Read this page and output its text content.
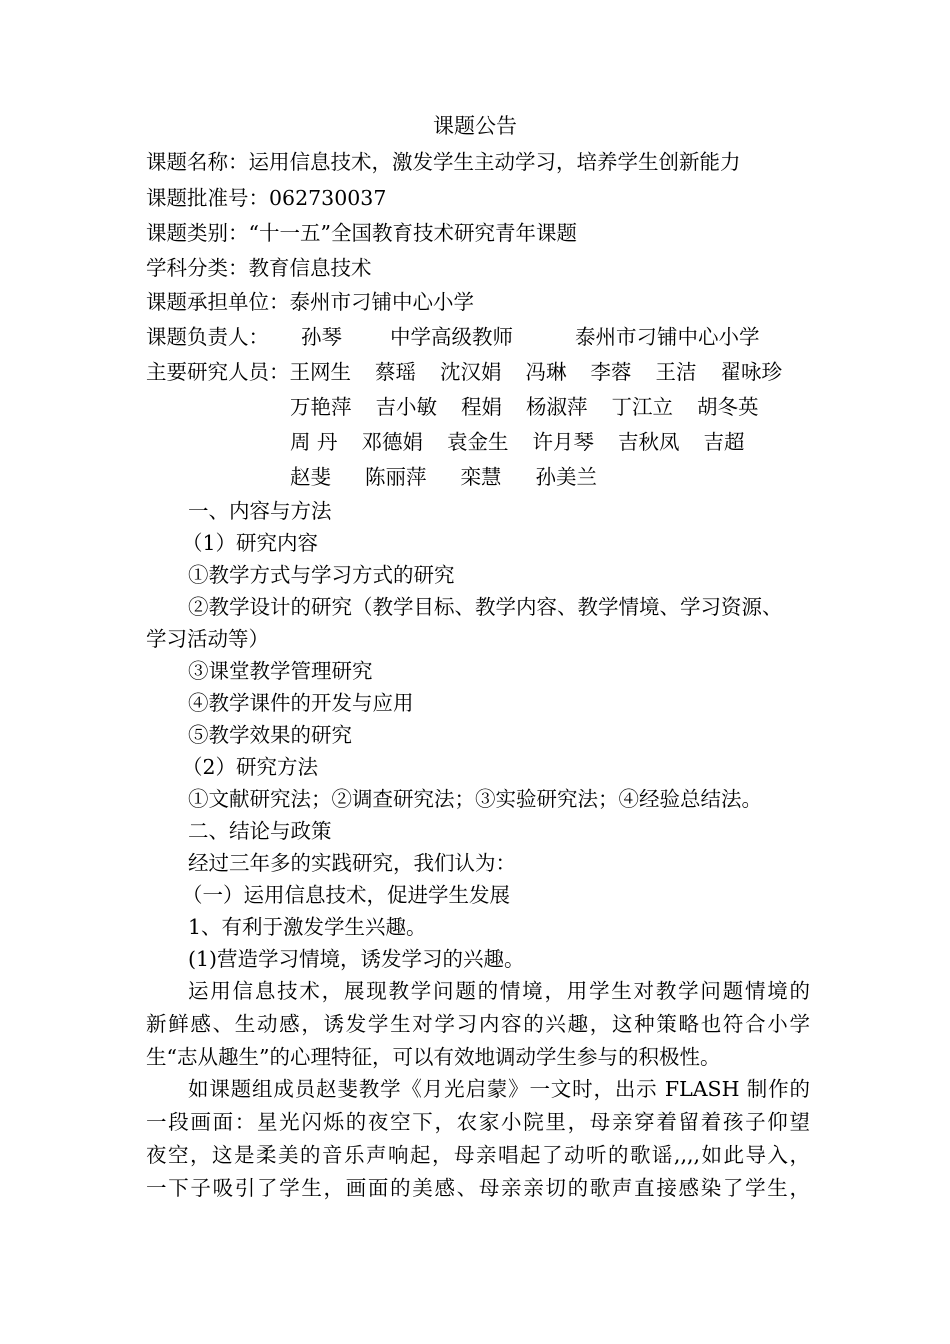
课题公告
课题名称：运用信息技术，激发学生主动学习，培养学生创新能力
课题批准号：062730037
课题类别：“十一五”全国教育技术研究青年课题
学科分类：教育信息技术
课题承担单位：泰州市刁铺中心小学
课题负责人： 孙琴 中学高级教师	泰州市刁铺中心小学
主要研究人员：王网生 蔡瑶 沈汉娟 冯琳 李蓉 王洁 翟咏珍
万艳萍 吉小敏 程娟 杨淑萍 丁江立 胡冬英
周 丹 邓德娟 袁金生 许月琴 吉秋凤 吉超
赵斐 陈丽萍 栾慧 孙美兰
一、内容与方法
（1）研究内容
①教学方式与学习方式的研究
②教学设计的研究（教学目标、教学内容、教学情境、学习资源、
学习活动等）
③课堂教学管理研究
④教学课件的开发与应用
⑤教学效果的研究
（2）研究方法
①文献研究法；②调查研究法；③实验研究法；④经验总结法。
二、结论与政策
经过三年多的实践研究，我们认为：
（一）运用信息技术，促进学生发展
1、有利于激发学生兴趣。
(1)营造学习情境，诱发学习的兴趣。
运用信息技术，展现教学问题的情境，用学生对教学问题情境的
新鲜感、生动感，诱发学生对学习内容的兴趣，这种策略也符合小学
生“志从趣生”的心理特征，可以有效地调动学生参与的积极性。
如课题组成员赵斐教学《月光启蒙》一文时，出示 FLASH 制作的
一段画面：星光闪烁的夜空下，农家小院里，母亲穿着留着孩子仰望
夜空，这是柔美的音乐声响起，母亲唱起了动听的歌谣,,,,如此导入，
一下子吸引了学生，画面的美感、母亲亲切的歌声直接感染了学生，
